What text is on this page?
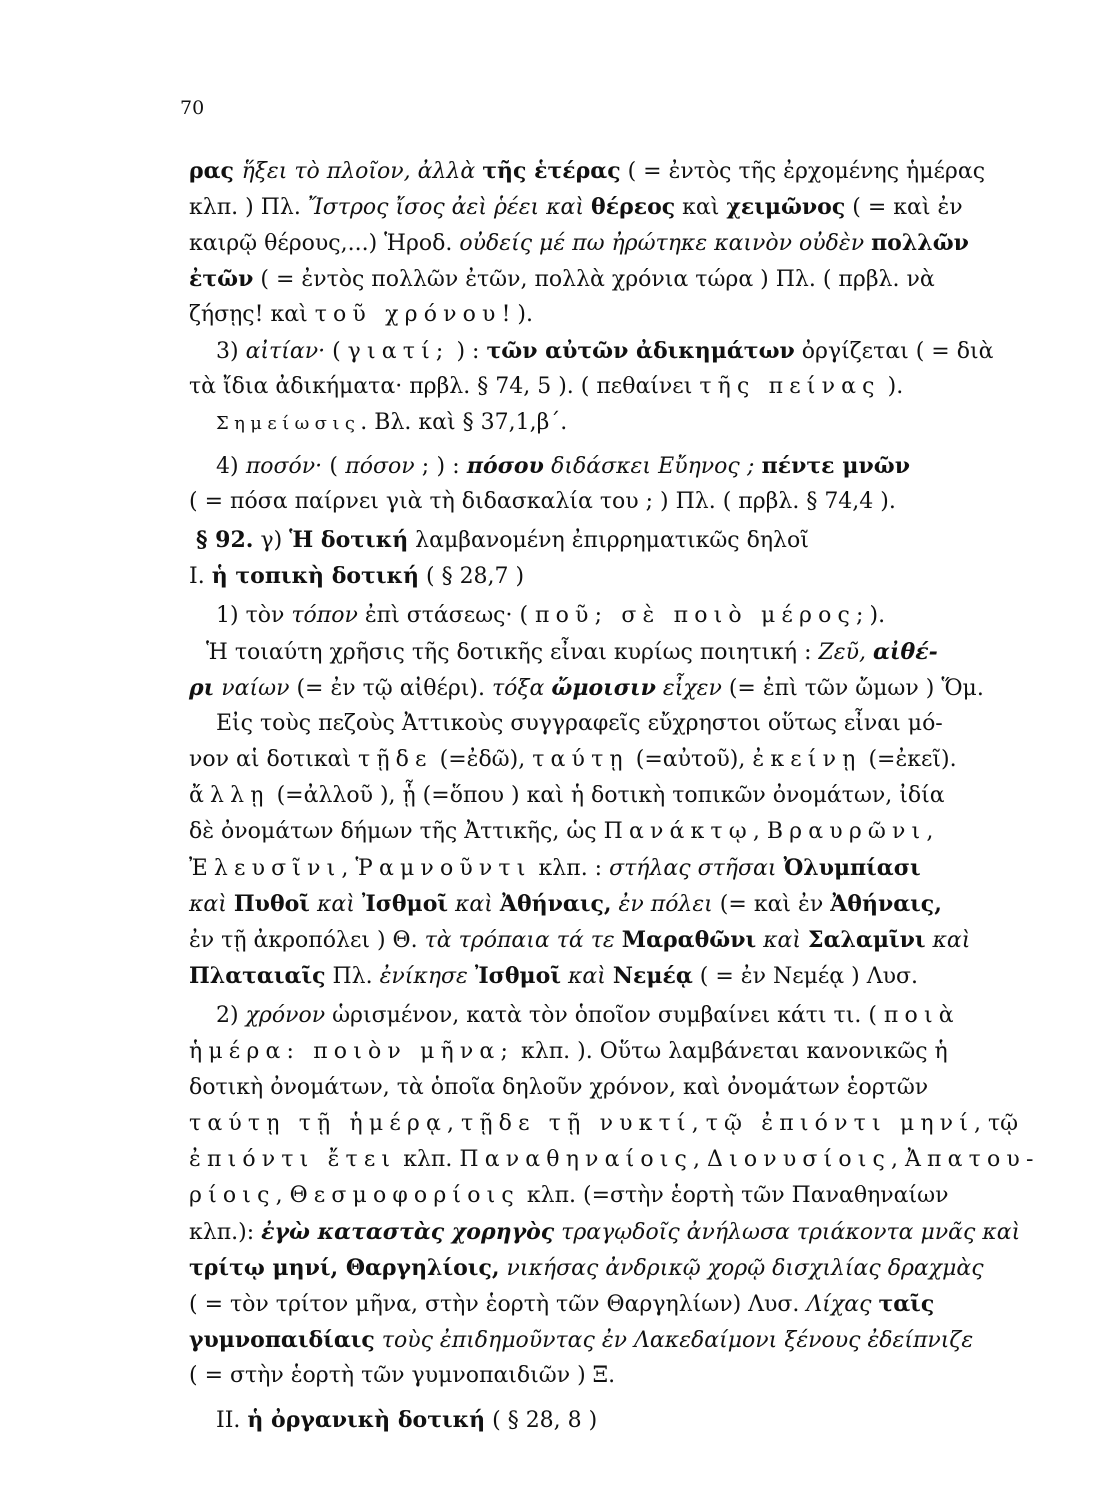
70
ρας ἥξει τὸ πλοῖον, ἀλλὰ τῆς ἑτέρας ( = ἐντὸς τῆς ἐρχομένης ἡμέρας
κλπ. ) Πλ. Ἴστρος ἴσος ἀεὶ ῥέει καὶ θέρεος καὶ χειμῶνος ( = καὶ ἐν
καιρῷ θέρους,...) Ἡροδ. οὐδείς μέ πω ἠρώτηκε καινὸν οὐδὲν πολλῶν
ἐτῶν ( = ἐντὸς πολλῶν ἐτῶν, πολλὰ χρόνια τώρα ) Πλ. ( πρβλ. νὰ
ζήσῃς! καὶ τοῦ χρόνου! ).
3) αἰτίαν· ( γιατί; ) : τῶν αὐτῶν ἀδικημάτων ὀργίζεται ( = διὰ
τὰ ἴδια ἀδικήματα· πρβλ. § 74, 5 ). ( πεθαίνει τῆς πείνας ).
Σημείωσις. Βλ. καὶ § 37,1,β΄.
4) ποσόν· ( πόσον ; ) : πόσου διδάσκει Εὔηνος ; πέντε μνῶν
( = πόσα παίρνει γιὰ τὴ διδασκαλία του ; ) Πλ. ( πρβλ. § 74,4 ).
§ 92. γ) Ἡ δοτική λαμβανομένη ἐπιρρηματικῶς δηλοῖ
Ι. ἡ τοπικὴ δοτική ( § 28,7 )
1) τὸν τόπον ἐπὶ στάσεως· ( ποῦ; σὲ ποιὸ μέρος;).
Ἡ τοιαύτη χρῆσις τῆς δοτικῆς εἶναι κυρίως ποιητική : Ζεῦ, αἰθέ-
ρι ναίων (= ἐν τῷ αἰθέρι). τόξα ὤμοισιν εἶχεν (= ἐπὶ τῶν ὤμων ) Ὅμ.
Εἰς τοὺς πεζοὺς Ἀττικοὺς συγγραφεῖς εὔχρηστοι οὕτως εἶναι μό-
νον αἱ δοτικαὶ τῇδε (=ἐδῶ), ταύτῃ (=αὐτοῦ), ἐκείνῃ (=ἐκεῖ).
ἄλλῃ (=ἀλλοῦ ), ᾗ (=ὅπου ) καὶ ἡ δοτικὴ τοπικῶν ὀνομάτων, ἰδία
δὲ ὀνομάτων δήμων τῆς Ἀττικῆς, ὡς Πανάκτῳ, Βραυρῶνι,
Ἐλευσῖνι, Ῥαμνοῦντι κλπ. : στήλας στῆσαι Ὀλυμπίασι
καὶ Πυθοῖ καὶ Ἰσθμοῖ καὶ Ἀθήναις, ἐν πόλει (= καὶ ἐν Ἀθήναις,
ἐν τῇ ἀκροπόλει ) Θ. τὰ τρόπαια τά τε Μαραθῶνι καὶ Σαλαμῖνι καὶ
Πλαταιαῖς Πλ. ἐνίκησε Ἰσθμοῖ καὶ Νεμέᾳ ( = ἐν Νεμέᾳ ) Λυσ.
2) χρόνον ὡρισμένον, κατὰ τὸν ὁποῖον συμβαίνει κάτι τι. ( ποιὰ
ἡμέρα: ποιὸν μῆνα; κλπ. ). Οὕτω λαμβάνεται κανονικῶς ἡ
δοτικὴ ὀνομάτων, τὰ ὁποῖα δηλοῦν χρόνον, καὶ ὀνομάτων ἑορτῶν
ταύτῃ τῇ ἡμέρᾳ, τῇδε τῇ νυκτί, τῷ ἐπιόντι μηνί, τῷ
ἐπιόντι ἔτει κλπ. Παναθηναίοις, Διονυσίοις, Ἀπατου-
ρίοις, Θεσμοφορίοις κλπ. (=στὴν ἑορτὴ τῶν Παναθηναίων
κλπ.): ἐγὼ καταστὰς χορηγὸς τραγῳδοῖς ἀνήλωσα τριάκοντα μνᾶς καὶ
τρίτῳ μηνί, Θαργηλίοις, νικήσας ἀνδρικῷ χορῷ δισχιλίας δραχμὰς
( = τὸν τρίτον μῆνα, στὴν ἑορτὴ τῶν Θαργηλίων) Λυσ. Λίχας ταῖς
γυμνοπαιδίαις τοὺς ἐπιδημοῦντας ἐν Λακεδαίμονι ξένους ἐδείπνιζε
( = στὴν ἑορτὴ τῶν γυμνοπαιδιῶν ) Ξ.
ΙΙ. ἡ ὀργανικὴ δοτική ( § 28, 8 )
